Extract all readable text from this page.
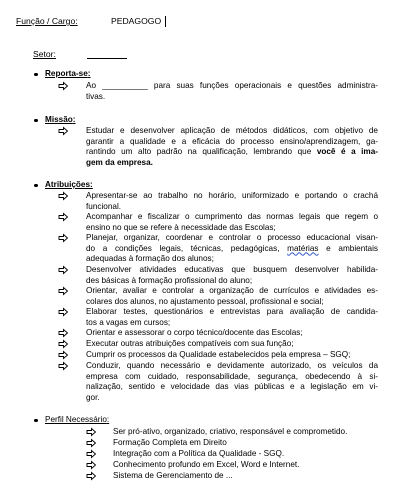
Função / Cargo:	PEDAGOGO
Setor:
Reporta-se:
Ao __________ para suas funções operacionais e questões administra-
tivas.
Missão:
Estudar e desenvolver aplicação de métodos didáticos, com objetivo de
garantir a qualidade e a eficácia do processo ensino/aprendizagem, ga-
rantindo um alto padrão na qualificação, lembrando que você é a ima-
gem da empresa.
Atribuições:
Apresentar-se ao trabalho no horário, uniformizado e portando o crachá
funcional.
Acompanhar e fiscalizar o cumprimento das normas legais que regem o
ensino no que se refere à necessidade das Escolas;
Planejar, organizar, coordenar e controlar o processo educacional visan-
do a condições legais, técnicas, pedagógicas, matérias e ambientais
adequadas à formação dos alunos;
Desenvolver atividades educativas que busquem desenvolver habilida-
des básicas à formação profissional do aluno;
Orientar, avaliar e controlar a organização de currículos e atividades es-
colares dos alunos, no ajustamento pessoal, profissional e social;
Elaborar testes, questionários e entrevistas para avaliação de candida-
tos a vagas em cursos;
Orientar e assessorar o corpo técnico/docente das Escolas;
Executar outras atribuições compatíveis com sua função;
Cumprir os processos da Qualidade estabelecidos pela empresa – SGQ;
Conduzir, quando necessário e devidamente autorizado, os veículos da
empresa com cuidado, responsabilidade, segurança, obedecendo à si-
nalização, sentido e velocidade das vias públicas e a legislação em vi-
gor.
Perfil Necessário:
Ser pró-ativo, organizado, criativo, responsável e comprometido.
Formação Completa em Direito
Integração com a Política da Qualidade - SGQ.
Conhecimento profundo em Excel, Word e Internet.
Sistema de Gerenciamento de ...
